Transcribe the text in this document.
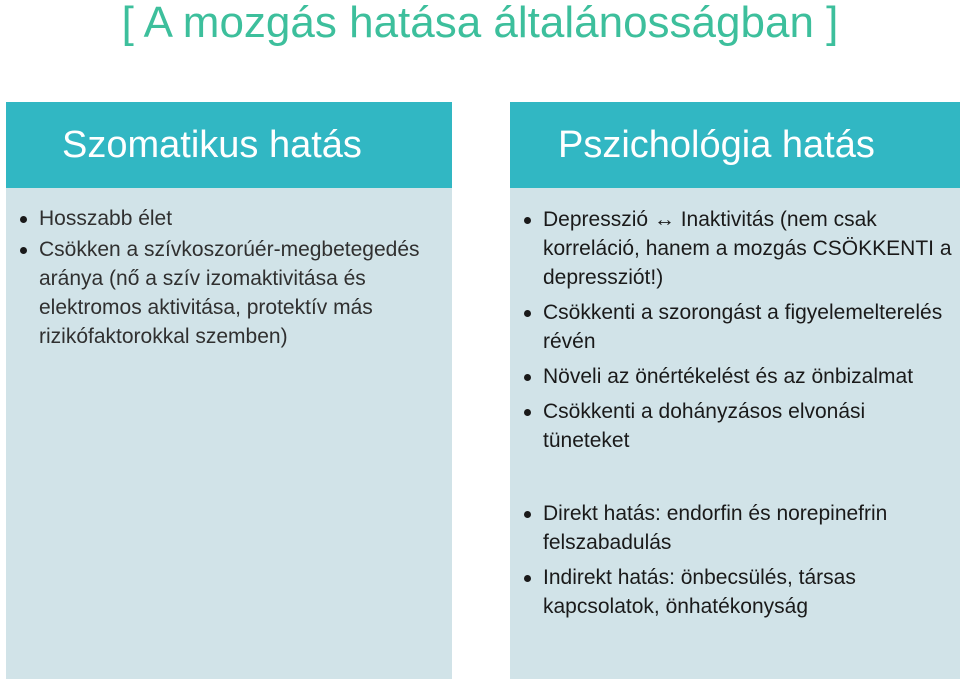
[ A mozgás hatása általánosságban ]
Szomatikus hatás
Hosszabb élet
Csökken a szívkoszorúér-megbetegedés aránya (nő a szív izomaktivitása és elektromos aktivitása, protektív más rizikófaktorokkal szemben)
Pszichológia hatás
Depresszió ↔ Inaktivitás (nem csak korreláció, hanem a mozgás CSÖKKENTI a depressziót!)
Csökkenti a szorongást a figyelemelterelés révén
Növeli az önértékelést és az önbizalmat
Csökkenti a dohányzásos elvonási tüneteket
Direkt hatás: endorfin és norepinefrin felszabadulás
Indirekt hatás: önbecsülés, társas kapcsolatok, önhatékonyság
